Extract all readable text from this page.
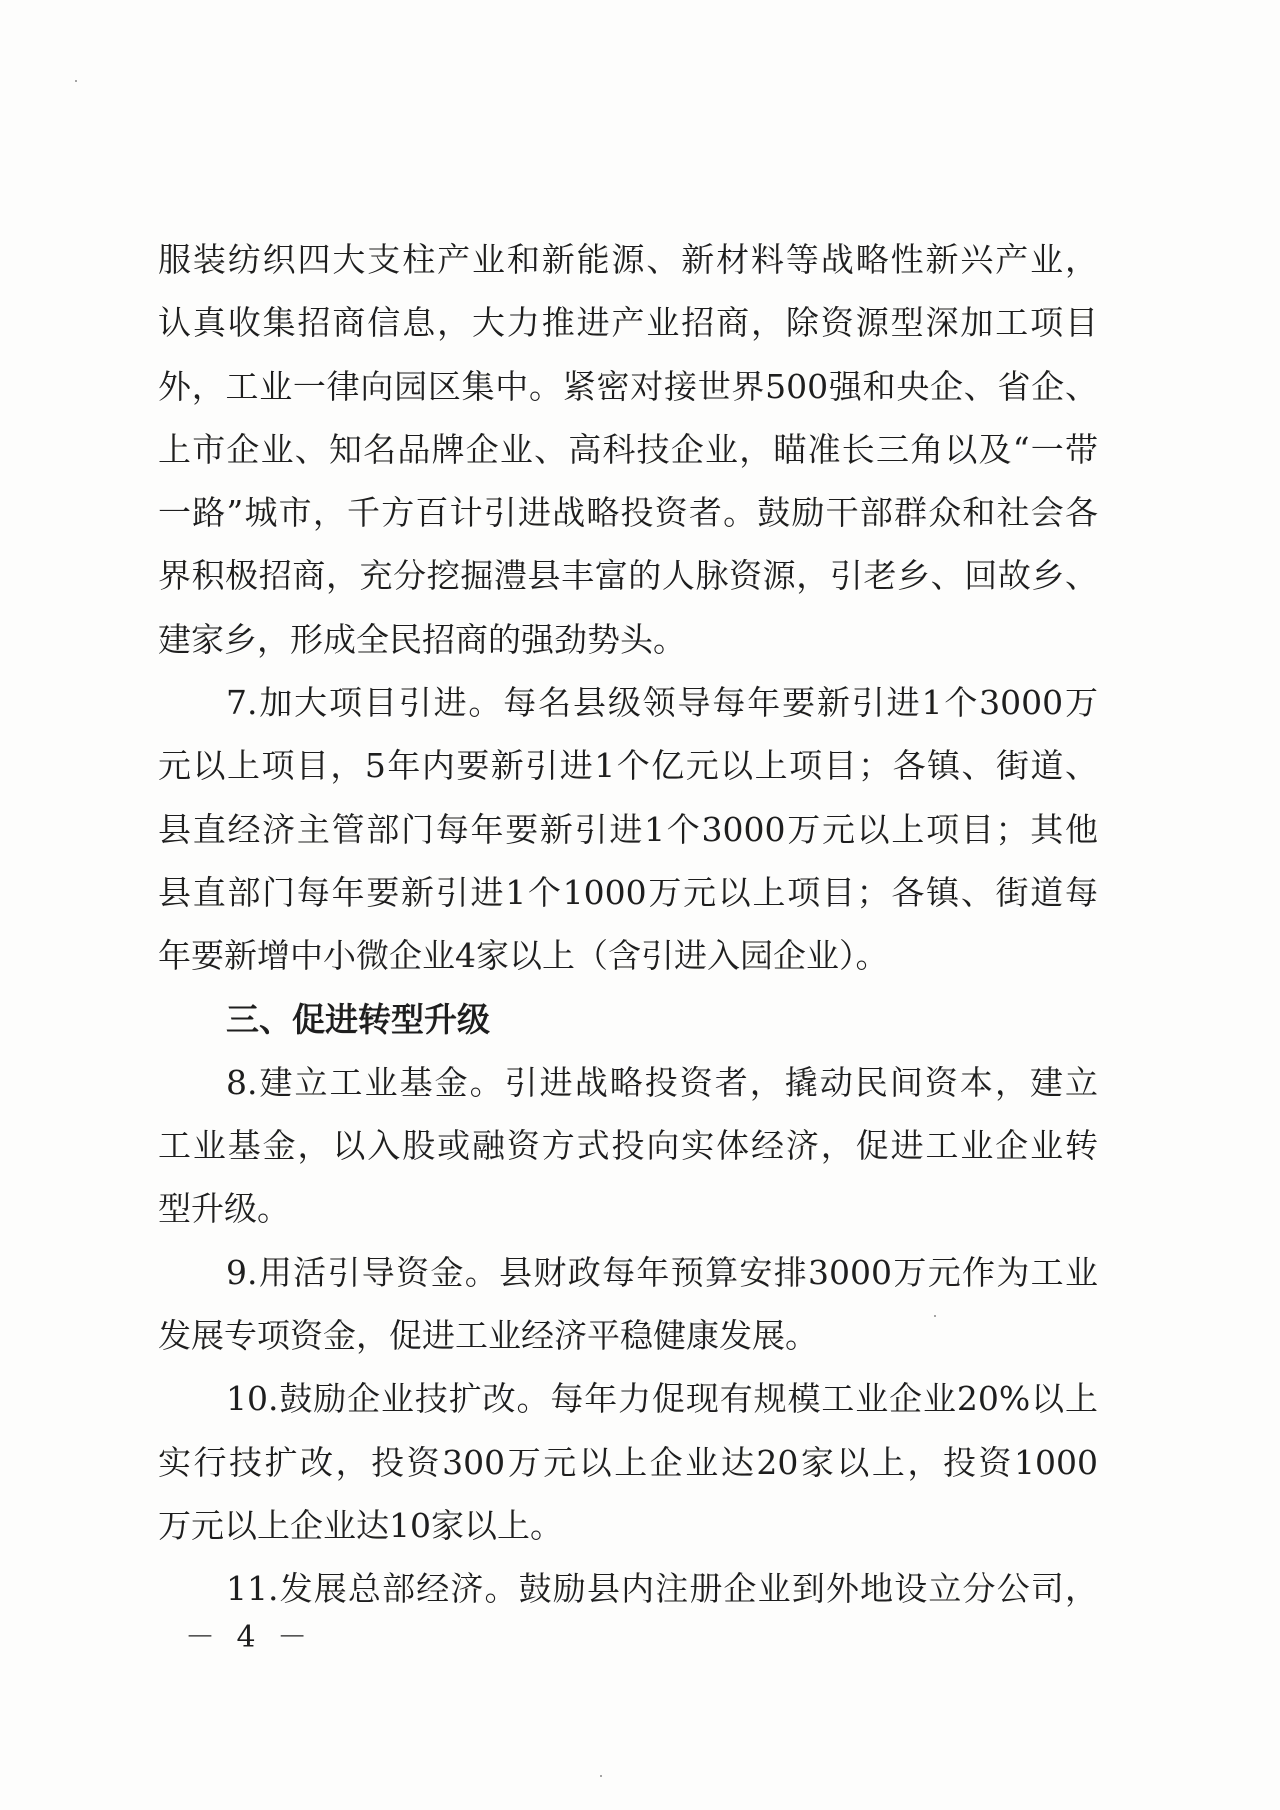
服装纺织四大支柱产业和新能源、新材料等战略性新兴产业，
认真收集招商信息，大力推进产业招商，除资源型深加工项目
外，工业一律向园区集中。紧密对接世界500强和央企、省企、
上市企业、知名品牌企业、高科技企业，瞄准长三角以及“一带
一路”城市，千方百计引进战略投资者。鼓励干部群众和社会各
界积极招商，充分挖掘澧县丰富的人脉资源，引老乡、回故乡、
建家乡，形成全民招商的强劲势头。
7.加大项目引进。每名县级领导每年要新引进1个3000万
元以上项目，5年内要新引进1个亿元以上项目；各镇、街道、
县直经济主管部门每年要新引进1个3000万元以上项目；其他
县直部门每年要新引进1个1000万元以上项目；各镇、街道每
年要新增中小微企业4家以上（含引进入园企业）。
三、促进转型升级
8.建立工业基金。引进战略投资者，撬动民间资本，建立
工业基金，以入股或融资方式投向实体经济，促进工业企业转
型升级。
9.用活引导资金。县财政每年预算安排3000万元作为工业
发展专项资金，促进工业经济平稳健康发展。
10.鼓励企业技扩改。每年力促现有规模工业企业20%以上
实行技扩改，投资300万元以上企业达20家以上，投资1000
万元以上企业达10家以上。
11.发展总部经济。鼓励县内注册企业到外地设立分公司，
－ 4 －
